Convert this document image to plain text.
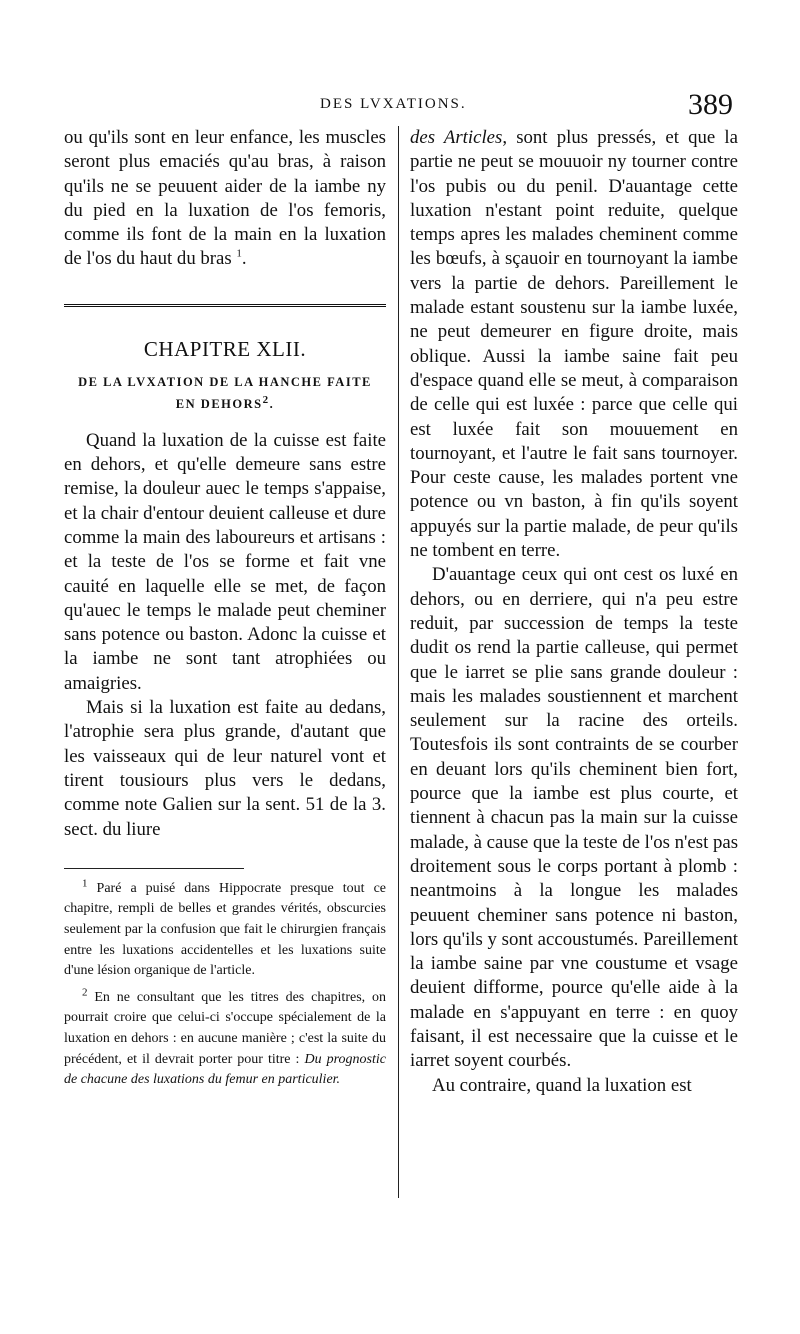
DES LVXATIONS.	389

ou qu'ils sont en leur enfance, les muscles seront plus emaciés qu'au bras, à raison qu'ils ne se peuuent aider de la iambe ny du pied en la luxation de l'os femoris, comme ils font de la main en la luxation de l'os du haut du bras $^1$.

CHAPITRE XLII.
DE LA LVXATION DE LA HANCHE FAITE
EN DEHORS$^2$.

Quand la luxation de la cuisse est faite en dehors, et qu'elle demeure sans estre remise, la douleur auec le temps s'appaise, et la chair d'entour deuient calleuse et dure comme la main des laboureurs et artisans : et la teste de l'os se forme et fait vne cauité en laquelle elle se met, de façon qu'auec le temps le malade peut cheminer sans potence ou baston. Adonc la cuisse et la iambe ne sont tant atrophiées ou amaigries.

Mais si la luxation est faite au dedans, l'atrophie sera plus grande, d'autant que les vaisseaux qui de leur naturel vont et tirent tousiours plus vers le dedans, comme note Galien sur la sent. 51 de la 3. sect. du liure

$^1$ Paré a puisé dans Hippocrate presque tout ce chapitre, rempli de belles et grandes vérités, obscurcies seulement par la confusion que fait le chirurgien français entre les luxations accidentelles et les luxations suite d'une lésion organique de l'article.

$^2$ En ne consultant que les titres des chapitres, on pourrait croire que celui-ci s'occupe spécialement de la luxation en dehors : en aucune manière ; c'est la suite du précédent, et il devrait porter pour titre : Du prognostic de chacune des luxations du femur en particulier.

des Articles, sont plus pressés, et que la partie ne peut se mouuoir ny tourner contre l'os pubis ou du penil. D'auantage cette luxation n'estant point reduite, quelque temps apres les malades cheminent comme les bœufs, à sçauoir en tournoyant la iambe vers la partie de dehors. Pareillement le malade estant soustenu sur la iambe luxée, ne peut demeurer en figure droite, mais oblique. Aussi la iambe saine fait peu d'espace quand elle se meut, à comparaison de celle qui est luxée : parce que celle qui est luxée fait son mouuement en tournoyant, et l'autre le fait sans tournoyer. Pour ceste cause, les malades portent vne potence ou vn baston, à fin qu'ils soyent appuyés sur la partie malade, de peur qu'ils ne tombent en terre.

D'auantage ceux qui ont cest os luxé en dehors, ou en derriere, qui n'a peu estre reduit, par succession de temps la teste dudit os rend la partie calleuse, qui permet que le iarret se plie sans grande douleur : mais les malades soustiennent et marchent seulement sur la racine des orteils. Toutesfois ils sont contraints de se courber en deuant lors qu'ils cheminent bien fort, pource que la iambe est plus courte, et tiennent à chacun pas la main sur la cuisse malade, à cause que la teste de l'os n'est pas droitement sous le corps portant à plomb : neantmoins à la longue les malades peuuent cheminer sans potence ni baston, lors qu'ils y sont accoustumés. Pareillement la iambe saine par vne coustume et vsage deuient difforme, pource qu'elle aide à la malade en s'appuyant en terre : en quoy faisant, il est necessaire que la cuisse et le iarret soyent courbés.

Au contraire, quand la luxation est
